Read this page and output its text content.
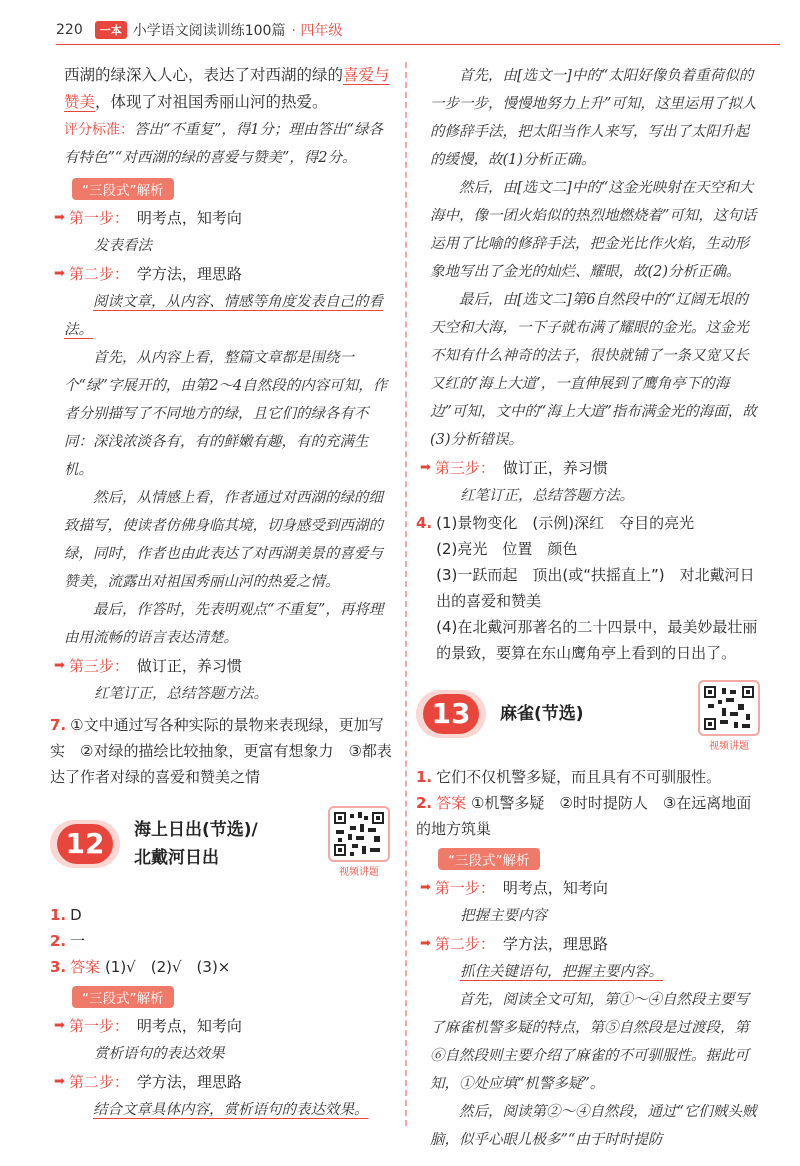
220	一本 小学语文阅读训练100篇 · 四年级
西湖的绿深入人心，表达了对西湖的绿的喜爱与赞美，体现了对祖国秀丽山河的热爱。
评分标准：答出“不重复”，得1分；理由答出“绿各有特色”“对西湖的绿的喜爱与赞美”，得2分。
“三段式”解析
➡ 第一步： 明考点，知考向
发表看法
➡ 第二步： 学方法，理思路
阅读文章，从内容、情感等角度发表自己的看法。
首先，从内容上看，整篇文章都是围绕一个“绿”字展开的，由第2～4自然段的内容可知，作者分别描写了不同地方的绿，且它们的绿各有不同：深浅浓淡各有，有的鲜嫩有趣，有的充满生机。
然后，从情感上看，作者通过对西湖的绿的细致描写，使读者仿佛身临其境，切身感受到西湖的绿，同时，作者也由此表达了对西湖美景的喜爱与赞美，流露出对祖国秀丽山河的热爱之情。
最后，作答时，先表明观点“不重复”，再将理由用流畅的语言表达清楚。
➡ 第三步： 做订正，养习惯
红笔订正，总结答题方法。
7. ①文中通过写各种实际的景物来表现绿，更加写实　②对绿的描绘比较抽象，更富有想象力　③都表达了作者对绿的喜爱和赞美之情
12	海上日出(节选)/
北戴河日出
视频讲题
1. D
2. 一
3. 答案 (1)√　(2)√　(3)×
“三段式”解析
➡ 第一步： 明考点，知考向
赏析语句的表达效果
➡ 第二步： 学方法，理思路
结合文章具体内容，赏析语句的表达效果。
首先，由[选文一]中的“太阳好像负着重荷似的一步一步，慢慢地努力上升”可知，这里运用了拟人的修辞手法，把太阳当作人来写，写出了太阳升起的缓慢，故(1)分析正确。
然后，由[选文二]中的“这金光映射在天空和大海中，像一团火焰似的热烈地燃烧着”可知，这句话运用了比喻的修辞手法，把金光比作火焰，生动形象地写出了金光的灿烂、耀眼，故(2)分析正确。
最后，由[选文二]第6自然段中的“辽阔无垠的天空和大海，一下子就布满了耀眼的金光。这金光不知有什么神奇的法子，很快就铺了一条又宽又长又红的‘海上大道’，一直伸展到了鹰角亭下的海边”可知，文中的“海上大道”指布满金光的海面，故(3)分析错误。
➡ 第三步： 做订正，养习惯
红笔订正，总结答题方法。
4. (1)景物变化　(示例)深红　夺目的亮光
(2)亮光　位置　颜色
(3)一跃而起　顶出(或“扶摇直上”)　对北戴河日出的喜爱和赞美
(4)在北戴河那著名的二十四景中，最美妙最壮丽的景致，要算在东山鹰角亭上看到的日出了。
13	麻雀(节选)
视频讲题
1. 它们不仅机警多疑，而且具有不可驯服性。
2. 答案 ①机警多疑　②时时提防人　③在远离地面的地方筑巢
“三段式”解析
➡ 第一步： 明考点，知考向
把握主要内容
➡ 第二步： 学方法，理思路
抓住关键语句，把握主要内容。
首先，阅读全文可知，第①～④自然段主要写了麻雀机警多疑的特点，第⑤自然段是过渡段，第⑥自然段则主要介绍了麻雀的不可驯服性。据此可知，①处应填“机警多疑”。
然后，阅读第②～④自然段，通过“它们贼头贼脑，似乎心眼儿极多”“由于时时提防
